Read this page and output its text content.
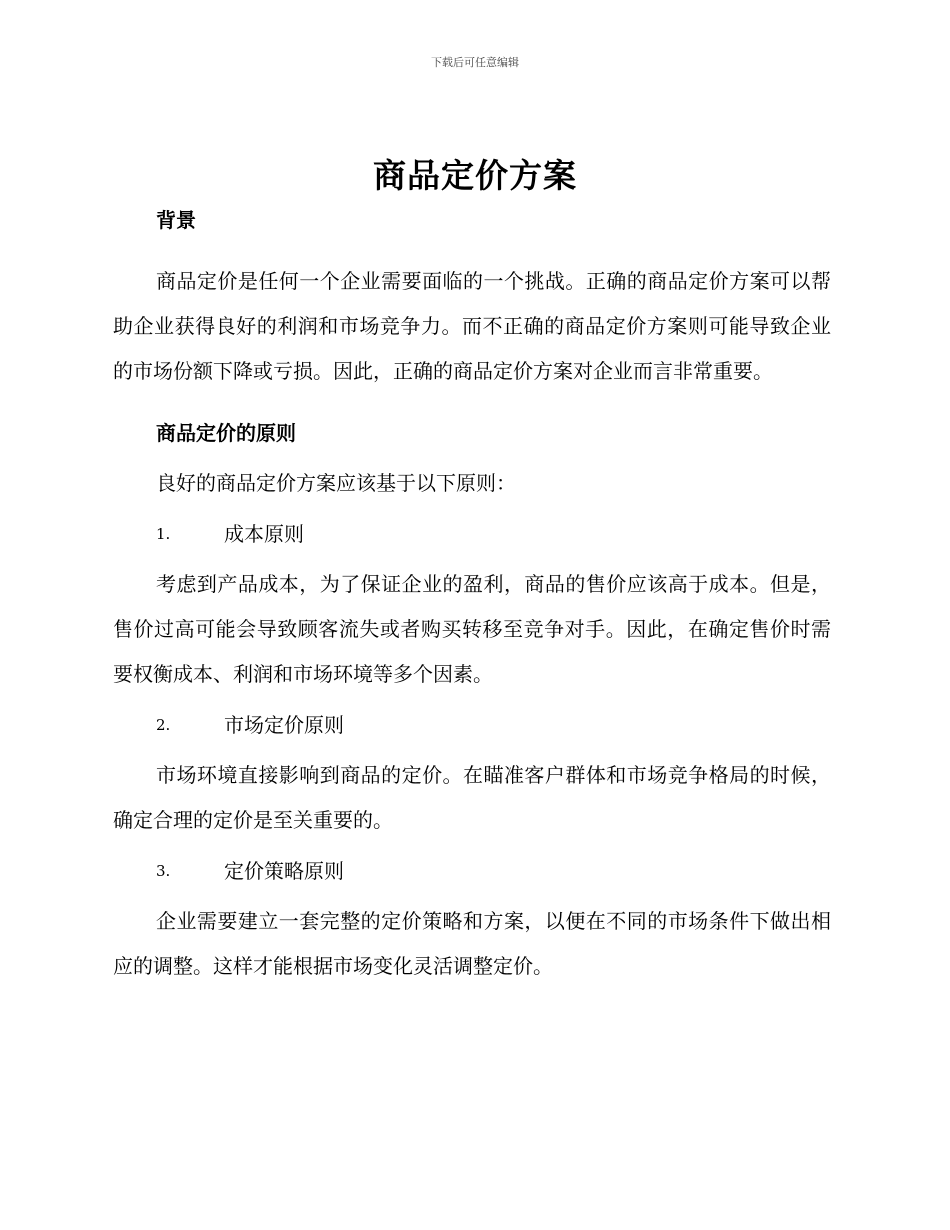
下载后可任意编辑
商品定价方案

背景

商品定价是任何一个企业需要面临的一个挑战。正确的商品定价方案可以帮助企业获得良好的利润和市场竞争力。而不正确的商品定价方案则可能导致企业的市场份额下降或亏损。因此，正确的商品定价方案对企业而言非常重要。

商品定价的原则

良好的商品定价方案应该基于以下原则：

1.	成本原则

考虑到产品成本，为了保证企业的盈利，商品的售价应该高于成本。但是，售价过高可能会导致顾客流失或者购买转移至竞争对手。因此，在确定售价时需要权衡成本、利润和市场环境等多个因素。

2.	市场定价原则

市场环境直接影响到商品的定价。在瞄准客户群体和市场竞争格局的时候，确定合理的定价是至关重要的。

3.	定价策略原则

企业需要建立一套完整的定价策略和方案，以便在不同的市场条件下做出相应的调整。这样才能根据市场变化灵活调整定价。
